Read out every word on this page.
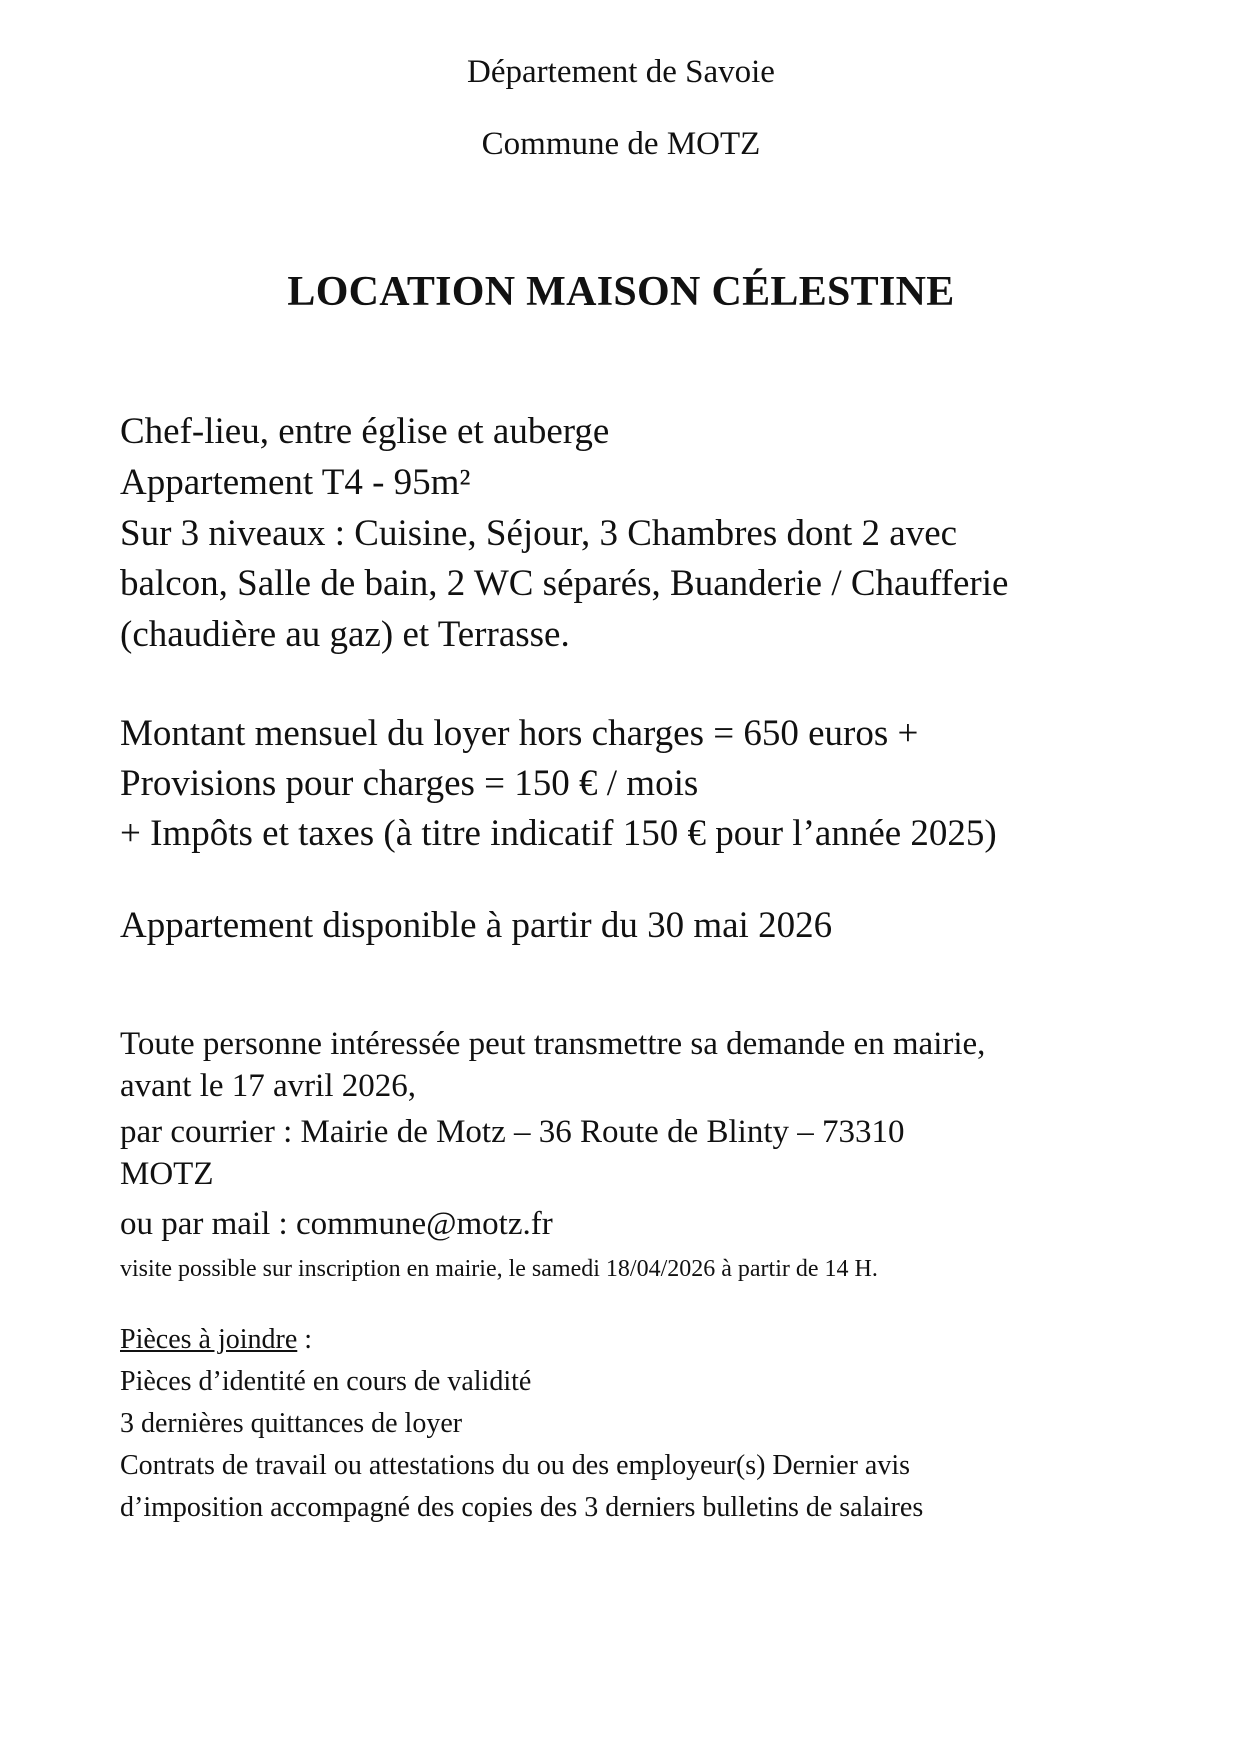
Département de Savoie
Commune de MOTZ
LOCATION MAISON CÉLESTINE
Chef-lieu, entre église et auberge
Appartement T4 - 95m²
Sur 3 niveaux : Cuisine, Séjour, 3 Chambres dont 2 avec
balcon, Salle de bain, 2 WC séparés, Buanderie / Chaufferie
(chaudière au gaz) et Terrasse.
Montant mensuel du loyer hors charges = 650 euros +
Provisions pour charges = 150 € / mois
+ Impôts et taxes (à titre indicatif 150 € pour l’année 2025)
Appartement disponible à partir du 30 mai 2026
Toute personne intéressée peut transmettre sa demande en mairie,
avant le 17 avril 2026,
par courrier : Mairie de Motz – 36 Route de Blinty – 73310
MOTZ
ou par mail : commune@motz.fr
visite possible sur inscription en mairie, le samedi 18/04/2026 à partir de 14 H.
Pièces à joindre :
Pièces d’identité en cours de validité
3 dernières quittances de loyer
Contrats de travail ou attestations du ou des employeur(s) Dernier avis
d’imposition accompagné des copies des 3 derniers bulletins de salaires
